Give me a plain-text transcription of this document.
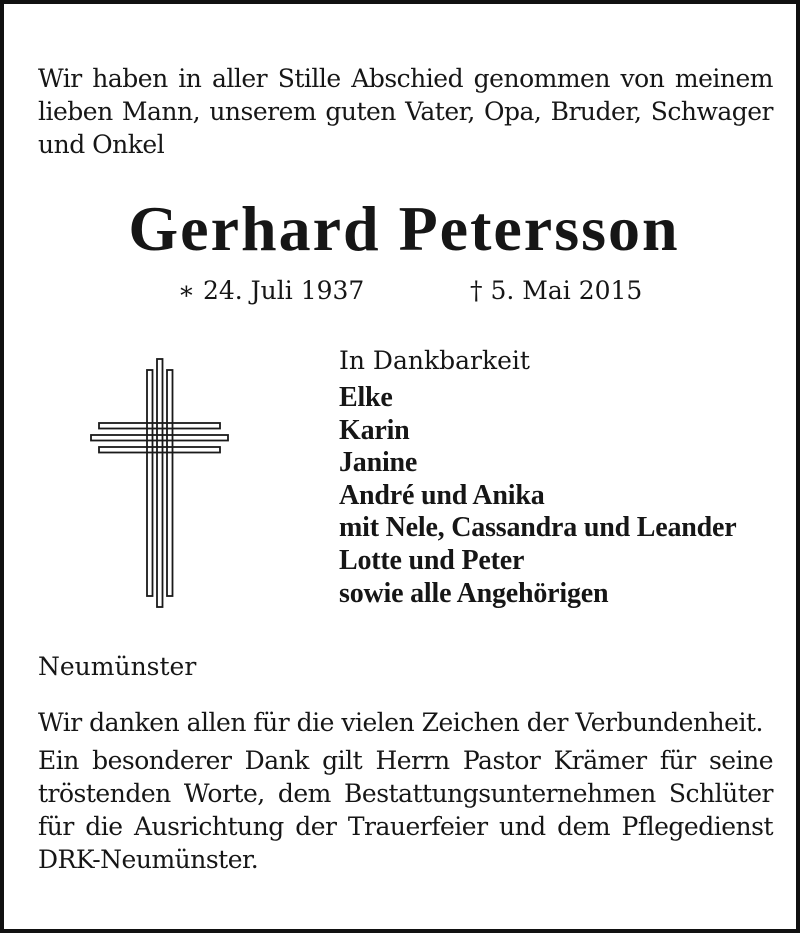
Wir haben in aller Stille Abschied genommen von meinem lieben Mann, unserem guten Vater, Opa, Bruder, Schwager und Onkel
Gerhard Petersson
∗ 24. Juli 1937	† 5. Mai 2015
In Dankbarkeit
Elke
Karin
Janine
André und Anika
mit Nele, Cassandra und Leander
Lotte und Peter
sowie alle Angehörigen
Neumünster

Wir danken allen für die vielen Zeichen der Verbundenheit.

Ein besonderer Dank gilt Herrn Pastor Krämer für seine tröstenden Worte, dem Bestattungsunternehmen Schlüter für die Ausrichtung der Trauerfeier und dem Pflegedienst DRK-Neumünster.
